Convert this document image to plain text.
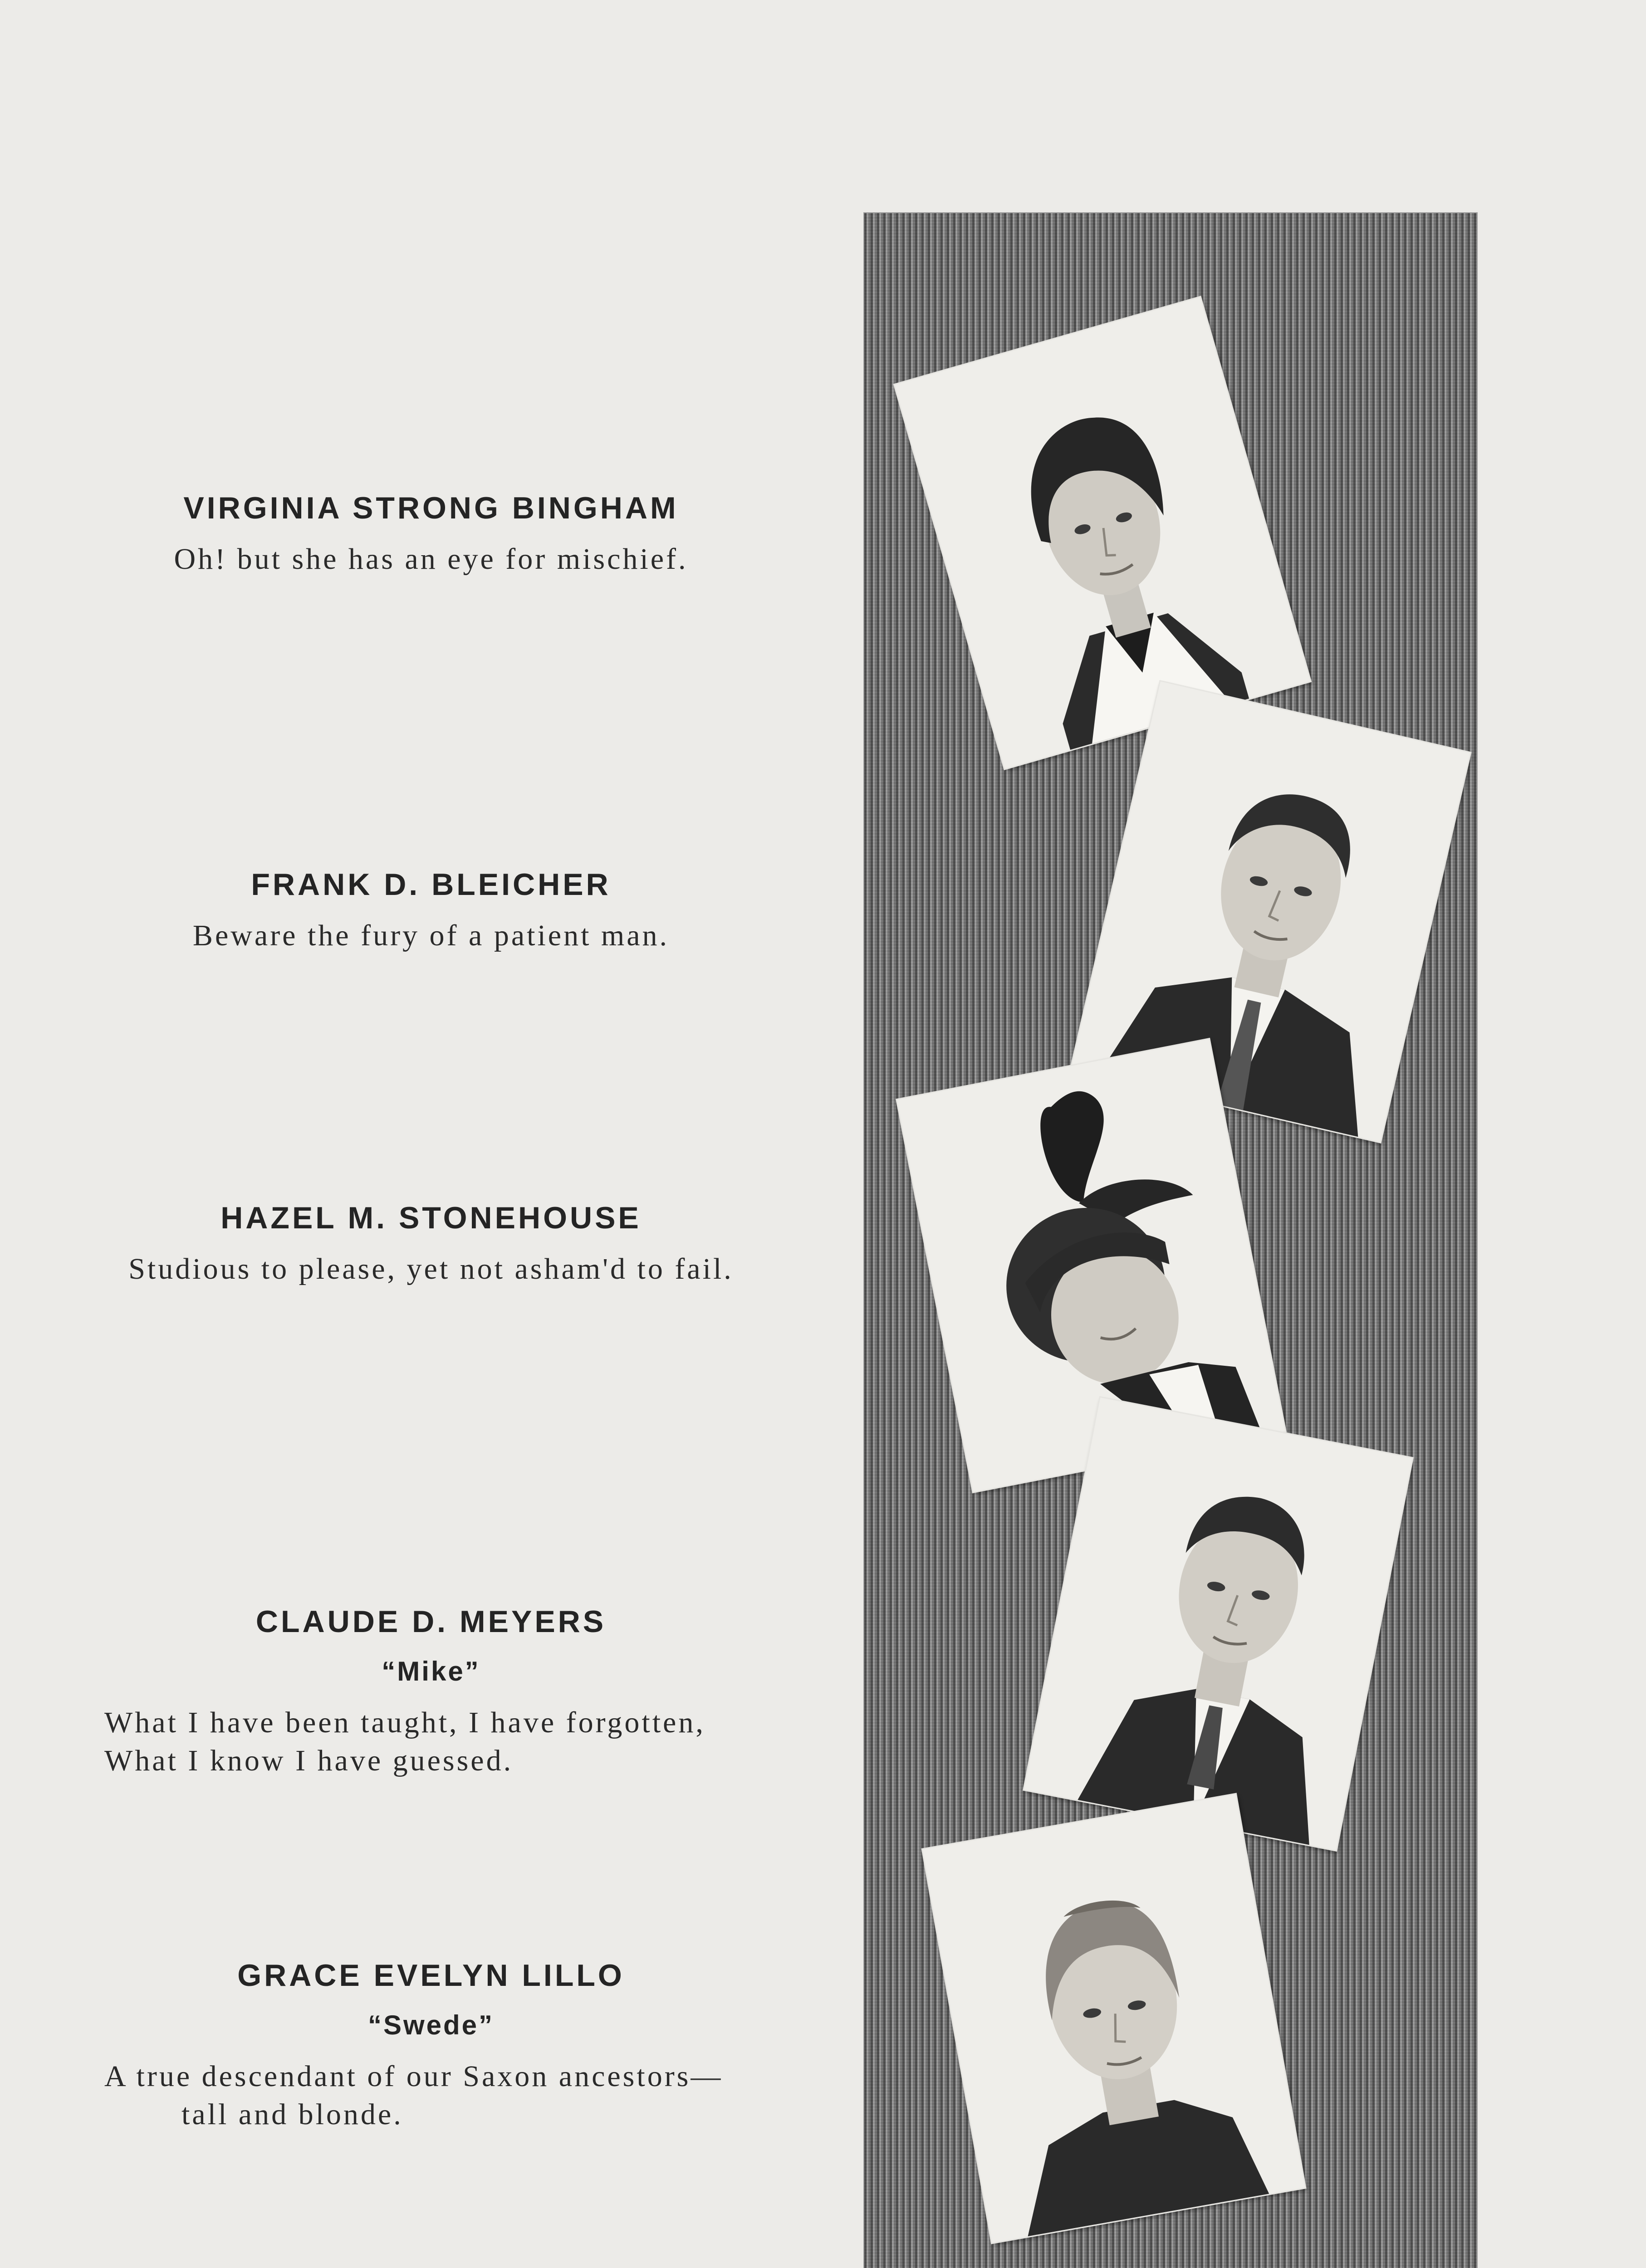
VIRGINIA STRONG BINGHAM
Oh! but she has an eye for mischief.
FRANK D. BLEICHER
Beware the fury of a patient man.
HAZEL M. STONEHOUSE
Studious to please, yet not asham'd to fail.
CLAUDE D. MEYERS
“Mike”
What I have been taught, I have forgotten,
What I know I have guessed.
GRACE EVELYN LILLO
“Swede”
A true descendant of our Saxon ancestors—
tall and blonde.
